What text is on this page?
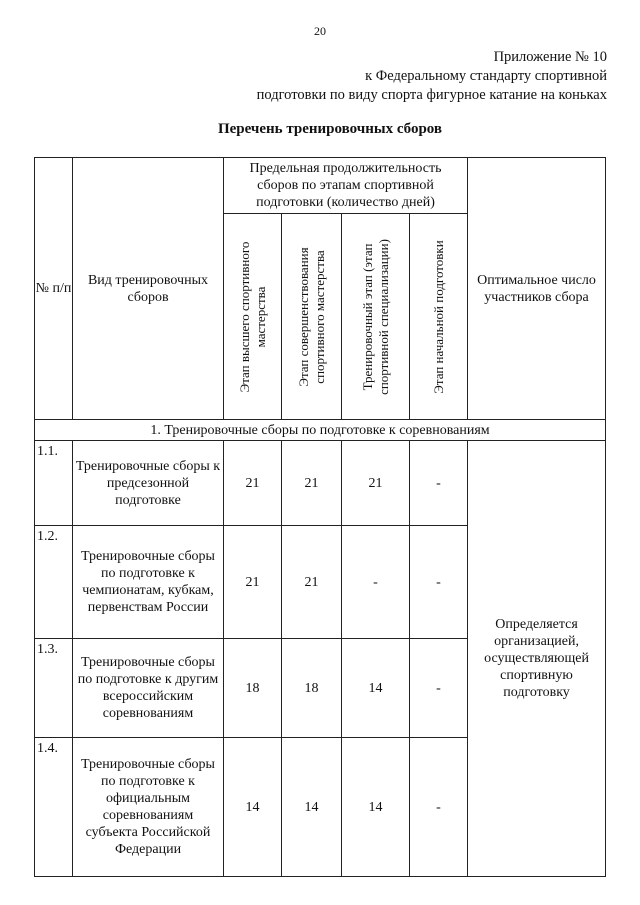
20
Приложение № 10
к Федеральному стандарту спортивной
подготовки по виду спорта фигурное катание на коньках
Перечень тренировочных сборов
№ п/п	Вид тренировочных сборов	Предельная продолжительность сборов по этапам спортивной подготовки (количество дней)				Оптимальное число участников сбора

		Этап высшего спортивного мастерства	Этап совершенствования спортивного мастерства	Тренировочный этап (этап спортивной специализации)	Этап начальной подготовки	

1. Тренировочные сборы по подготовке к соревнованиям						
1.1.	Тренировочные сборы к предсезонной подготовке	21	21	21	-	Определяется организацией, осуществляющей спортивную подготовку
1.2.	Тренировочные сборы по подготовке к чемпионатам, кубкам, первенствам России	21	21	-	-	
1.3.	Тренировочные сборы по подготовке к другим всероссийским соревнованиям	18	18	14	-	
1.4.	Тренировочные сборы по подготовке к официальным соревнованиям субъекта Российской Федерации	14	14	14	-	
